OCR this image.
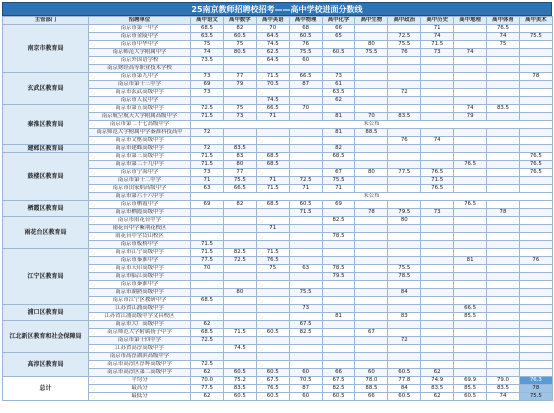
25南京教师招聘校招考——高中学校进面分数线
主管部门	招聘单位	高中语文	高中数学	高中英语	高中物理	高中化学	高中生物	高中政治	高中历史	高中地理	高中体育	高中美术
南京市教育局	南京市第一中学	68.5	82	70	68	66			71		76.5	
	南京市金陵中学	63.5	60.5	64.5	60.5	65		72.5	74		74	75.5
	南京市中华中学	75	75	74.5	76		80	75.5	71.5		75	
	南京师范大学附属中学	74	80.5	62.5	75.5	60.5	75.5	76	73	74		
	南京外国语学校	73.5		64.5	60							
	南京财经高等职业技术学校											
玄武区教育局	南京市第九中学	73	77	71.5	66.5	73						78
	南京市第十三中学	69	79	70.5	87	61						
	南京市玄武高级中学	73				63.5		72				
	南京市人民中学			74.5		62						
秦淮区教育局	南京市第五高级中学	72.5	75	66.5	70					74	83.5	
	南京航空航天大学附属高级中学	71.5	73	71		81	70	83.5		79		
	南京市第二十七高级中学	未公布										
	南京师范大学附属中学秦淮科技高中	72				81	88.5					
	南京市文枢高级中学							76	74			
建邺区教育局	南京市建邺高级中学	72	83.5			82						
鼓楼区教育局	南京市第三高级中学	71.5	83	68.5		68.5						76.5
	南京市第二十九中学	71.5	80	68.5						76.5		76.5
	南京市宁海中学	73	77			67	80	77.5	76.5			76.5
	南京市第十二中学	71	75.5	71	72.5	75.5			71.5			
	南京市田家炳高级中学	63	66.5	71.5	71	71			76.5			
	南京市第六十六中学	未公布										
栖霞区教育局	南京市栖霞中学	69	82	68.5	60.5	69				76.5		
	南京市栖霞高级中学				71.5		78	79.5	73		78	
雨花台区教育局	南京市雨花台中学					82.5		80				
	雨花台中学紫荆花校区			71								
	雨花台中学岱山校区					78.5						
	南京市板桥中学	71.5										
江宁区教育局	南京市江宁高级中学	71.5	82.5	71.5								
	南京市秦淮中学	77.5	72.5	76.5						81		76
	南京市天印高级中学	70		75	63	78.5		75.5				
	南京市临江高级中学					79.5		78.5				
	南京市秦淮中学											
	南京市湖熟高级中学		80		75.5			84				
	南京市江宁区教研中学	68.5										
浦口区教育局	江苏省江浦高级中学				73					66.5		
	江苏省江浦高级中学文昌校区					81		83		85.5		
江北新区教育和社会保障局	南京市大厂高级中学	62			67.5							
	南京师范大学附属扬子中学	68.5	71.5	60.5	82.5		67					
	南京市第十四中学	72.5						72				
	江苏省高淳高级中学		74.5									
高淳区教育局	南京市高淳湖滨高级中学											
	南京市高淳区淳辉高级中学	72.5										
	南京市高淳区第二高级中学	62	60.5	60.5	60	66	60	60.5	62			
总计	平均分	70.0	75.2	67.5	70.5	67.5	78.0	77.8	74.9	69.9	79.0	76.3
	最高分	77.5	83.5	76.5	87	82.5	88.5	84	83.5	85.5	83.5	78
	最低分	62	60.5	60.5	60	60.5	66	60.5	62	60.5	74	75.5
